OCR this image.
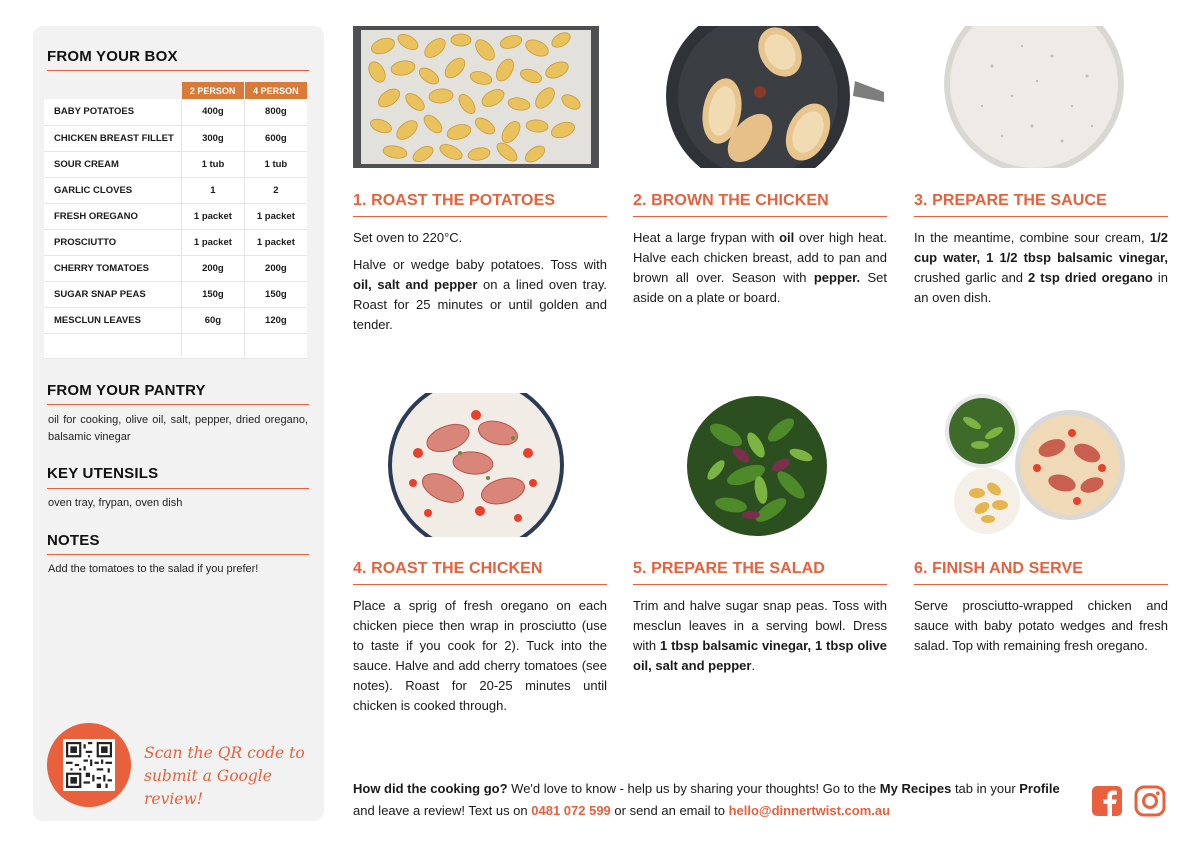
FROM YOUR BOX
	2 PERSON	4 PERSON
BABY POTATOES	400g	800g
CHICKEN BREAST FILLET	300g	600g
SOUR CREAM	1 tub	1 tub
GARLIC CLOVES	1	2
FRESH OREGANO	1 packet	1 packet
PROSCIUTTO	1 packet	1 packet
CHERRY TOMATOES	200g	200g
SUGAR SNAP PEAS	150g	150g
MESCLUN LEAVES	60g	120g

FROM YOUR PANTRY
oil for cooking, olive oil, salt, pepper, dried oregano, balsamic vinegar
KEY UTENSILS
oven tray, frypan, oven dish
NOTES
Add the tomatoes to the salad if you prefer!
Scan the QR code to
submit a Google review!
1. ROAST THE POTATOES

Set oven to 220°C.

Halve or wedge baby potatoes. Toss with oil, salt and pepper on a lined oven tray. Roast for 25 minutes or until golden and tender.

2. BROWN THE CHICKEN

Heat a large frypan with oil over high heat. Halve each chicken breast, add to pan and brown all over. Season with pepper. Set aside on a plate or board.

3. PREPARE THE SAUCE

In the meantime, combine sour cream, 1/2 cup water, 1 1/2 tbsp balsamic vinegar, crushed garlic and 2 tsp dried oregano in an oven dish.

4. ROAST THE CHICKEN

Place a sprig of fresh oregano on each chicken piece then wrap in prosciutto (use to taste if you cook for 2). Tuck into the sauce. Halve and add cherry tomatoes (see notes). Roast for 20-25 minutes until chicken is cooked through.

5. PREPARE THE SALAD

Trim and halve sugar snap peas. Toss with mesclun leaves in a serving bowl. Dress with 1 tbsp balsamic vinegar, 1 tbsp olive oil, salt and pepper.

6. FINISH AND SERVE

Serve prosciutto-wrapped chicken and sauce with baby potato wedges and fresh salad. Top with remaining fresh oregano.

How did the cooking go? We'd love to know - help us by sharing your thoughts! Go to the My Recipes tab in your Profile and leave a review! Text us on 0481 072 599 or send an email to hello@dinnertwist.com.au
